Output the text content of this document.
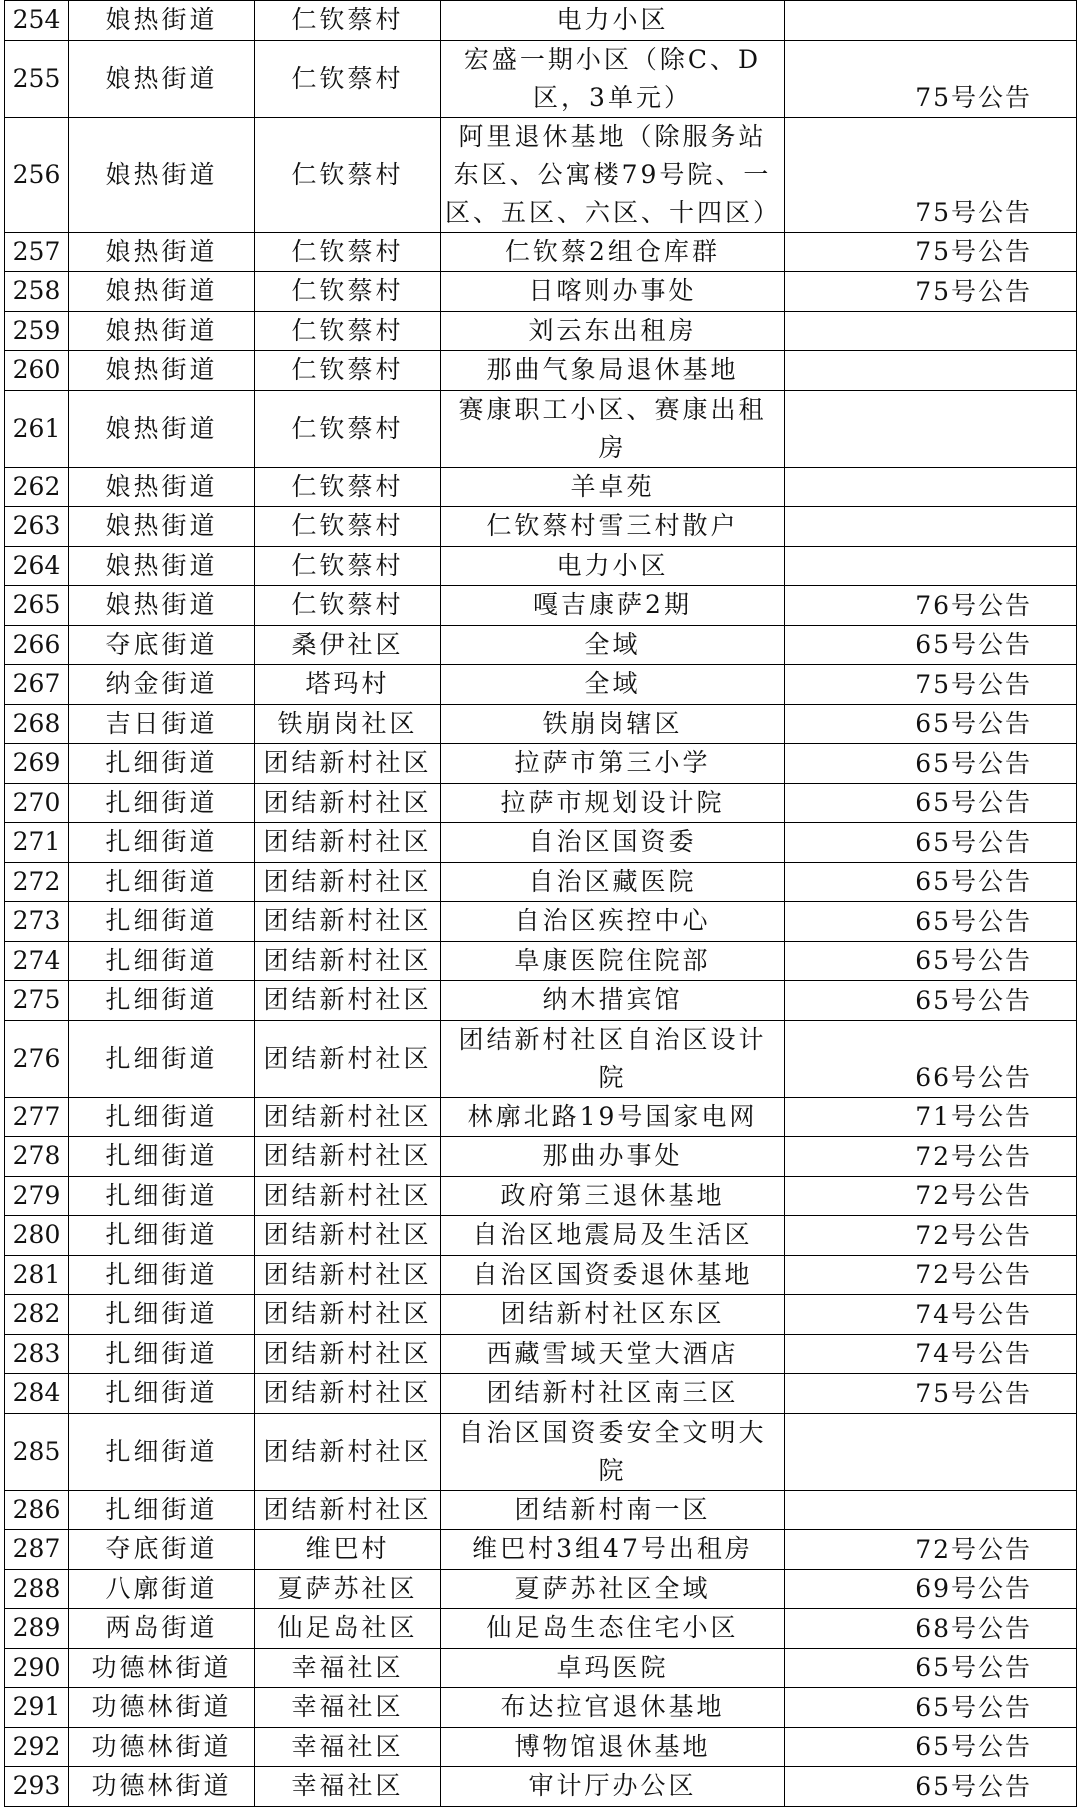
254	娘热街道	仁钦蔡村	电力小区	
255	娘热街道	仁钦蔡村	宏盛一期小区（除C、D区，3单元）	75号公告
256	娘热街道	仁钦蔡村	阿里退休基地（除服务站东区、公寓楼79号院、一区、五区、六区、十四区）	75号公告
257	娘热街道	仁钦蔡村	仁钦蔡2组仓库群	75号公告
258	娘热街道	仁钦蔡村	日喀则办事处	75号公告
259	娘热街道	仁钦蔡村	刘云东出租房	
260	娘热街道	仁钦蔡村	那曲气象局退休基地	
261	娘热街道	仁钦蔡村	赛康职工小区、赛康出租房	
262	娘热街道	仁钦蔡村	羊卓苑	
263	娘热街道	仁钦蔡村	仁钦蔡村雪三村散户	
264	娘热街道	仁钦蔡村	电力小区	
265	娘热街道	仁钦蔡村	嘎吉康萨2期	76号公告
266	夺底街道	桑伊社区	全域	65号公告
267	纳金街道	塔玛村	全域	75号公告
268	吉日街道	铁崩岗社区	铁崩岗辖区	65号公告
269	扎细街道	团结新村社区	拉萨市第三小学	65号公告
270	扎细街道	团结新村社区	拉萨市规划设计院	65号公告
271	扎细街道	团结新村社区	自治区国资委	65号公告
272	扎细街道	团结新村社区	自治区藏医院	65号公告
273	扎细街道	团结新村社区	自治区疾控中心	65号公告
274	扎细街道	团结新村社区	阜康医院住院部	65号公告
275	扎细街道	团结新村社区	纳木措宾馆	65号公告
276	扎细街道	团结新村社区	团结新村社区自治区设计院	66号公告
277	扎细街道	团结新村社区	林廓北路19号国家电网	71号公告
278	扎细街道	团结新村社区	那曲办事处	72号公告
279	扎细街道	团结新村社区	政府第三退休基地	72号公告
280	扎细街道	团结新村社区	自治区地震局及生活区	72号公告
281	扎细街道	团结新村社区	自治区国资委退休基地	72号公告
282	扎细街道	团结新村社区	团结新村社区东区	74号公告
283	扎细街道	团结新村社区	西藏雪域天堂大酒店	74号公告
284	扎细街道	团结新村社区	团结新村社区南三区	75号公告
285	扎细街道	团结新村社区	自治区国资委安全文明大院	
286	扎细街道	团结新村社区	团结新村南一区	
287	夺底街道	维巴村	维巴村3组47号出租房	72号公告
288	八廓街道	夏萨苏社区	夏萨苏社区全域	69号公告
289	两岛街道	仙足岛社区	仙足岛生态住宅小区	68号公告
290	功德林街道	幸福社区	卓玛医院	65号公告
291	功德林街道	幸福社区	布达拉官退休基地	65号公告
292	功德林街道	幸福社区	博物馆退休基地	65号公告
293	功德林街道	幸福社区	审计厅办公区	65号公告
